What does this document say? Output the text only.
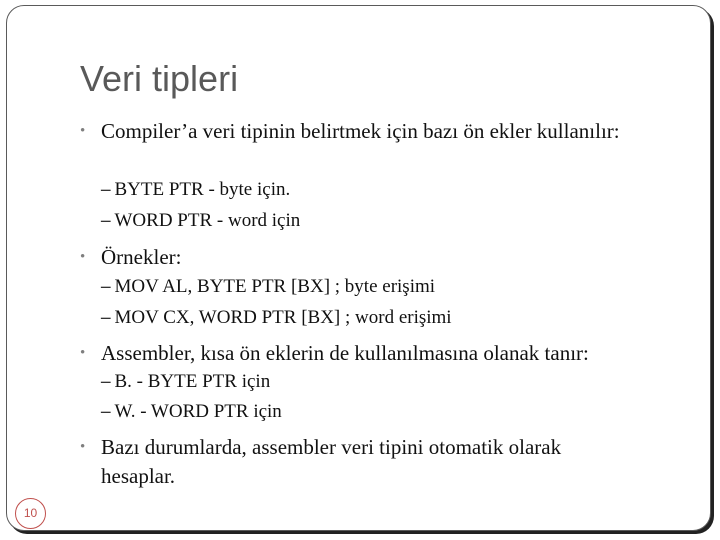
Veri tipleri
• Compiler’a veri tipinin belirtmek için bazı ön ekler kullanılır:
– BYTE PTR - byte için.
– WORD PTR - word için
• Örnekler:
– MOV AL, BYTE PTR [BX] ; byte erişimi
– MOV CX, WORD PTR [BX] ; word erişimi
• Assembler, kısa ön eklerin de kullanılmasına olanak tanır:
– B. - BYTE PTR için
– W. - WORD PTR için
• Bazı durumlarda, assembler veri tipini otomatik olarak hesaplar.
10
